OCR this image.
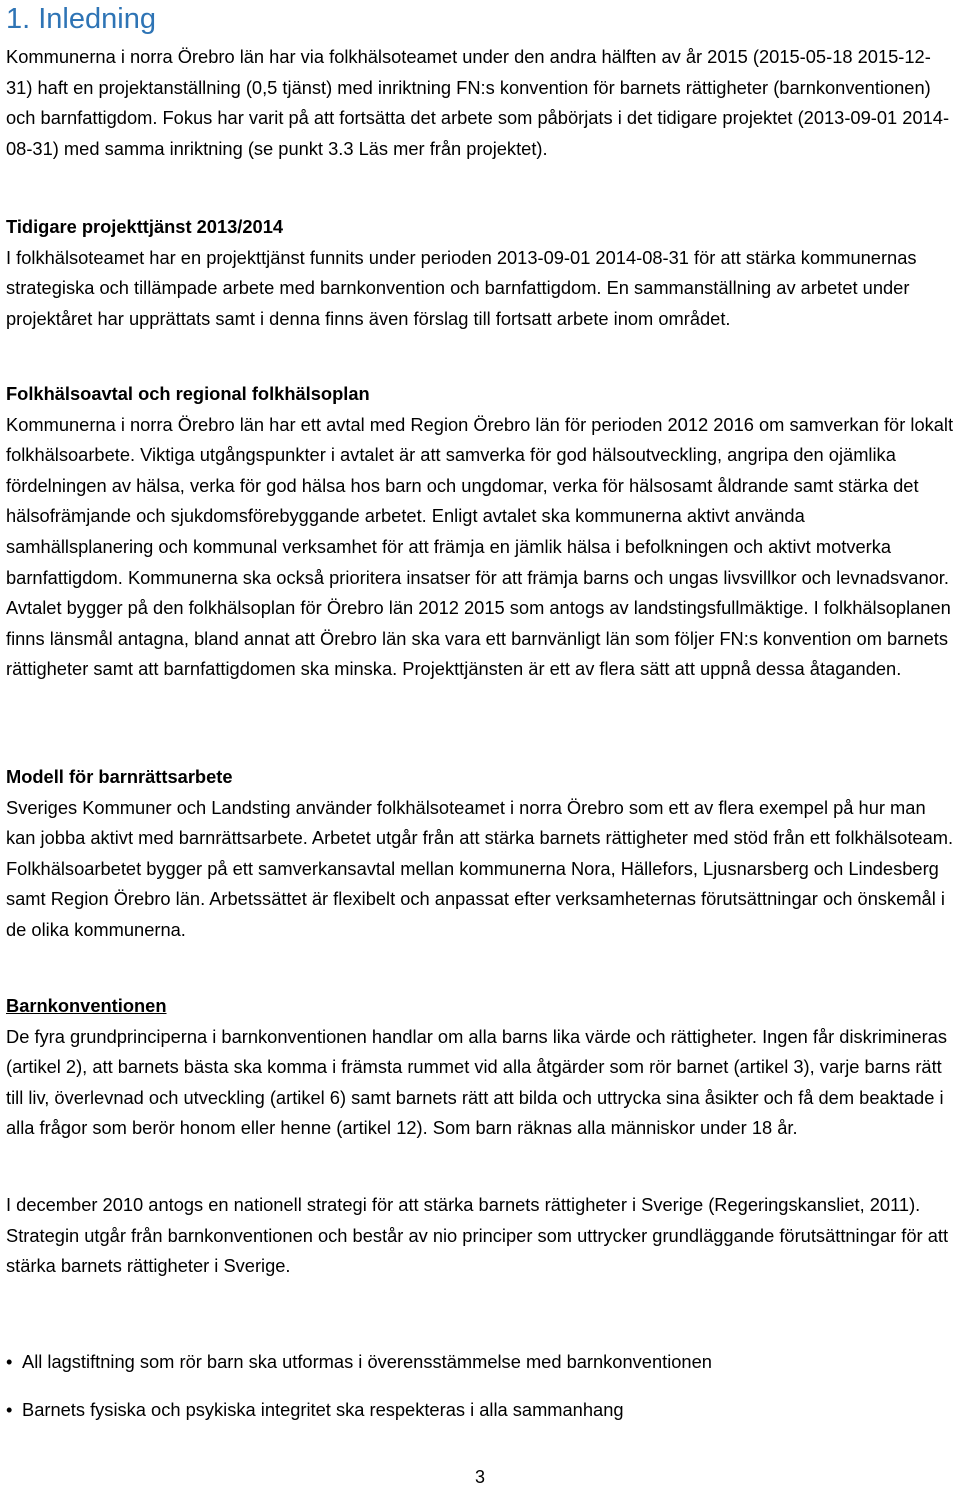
1. Inledning
Kommunerna i norra Örebro län har via folkhälsoteamet under den andra hälften av år 2015 (2015-05-18 2015-12-31) haft en projektanställning (0,5 tjänst) med inriktning FN:s konvention för barnets rättigheter (barnkonventionen) och barnfattigdom. Fokus har varit på att fortsätta det arbete som påbörjats i det tidigare projektet (2013-09-01 2014-08-31) med samma inriktning (se punkt 3.3 Läs mer från projektet).
Tidigare projekttjänst 2013/2014
I folkhälsoteamet har en projekttjänst funnits under perioden 2013-09-01 2014-08-31 för att stärka kommunernas strategiska och tillämpade arbete med barnkonvention och barnfattigdom. En sammanställning av arbetet under projektåret har upprättats samt i denna finns även förslag till fortsatt arbete inom området.
Folkhälsoavtal och regional folkhälsoplan
Kommunerna i norra Örebro län har ett avtal med Region Örebro län för perioden 2012 2016 om samverkan för lokalt folkhälsoarbete. Viktiga utgångspunkter i avtalet är att samverka för god hälsoutveckling, angripa den ojämlika fördelningen av hälsa, verka för god hälsa hos barn och ungdomar, verka för hälsosamt åldrande samt stärka det hälsofrämjande och sjukdomsförebyggande arbetet. Enligt avtalet ska kommunerna aktivt använda samhällsplanering och kommunal verksamhet för att främja en jämlik hälsa i befolkningen och aktivt motverka barnfattigdom. Kommunerna ska också prioritera insatser för att främja barns och ungas livsvillkor och levnadsvanor. Avtalet bygger på den folkhälsoplan för Örebro län 2012 2015 som antogs av landstingsfullmäktige. I folkhälsoplanen finns länsmål antagna, bland annat att Örebro län ska vara ett barnvänligt län som följer FN:s konvention om barnets rättigheter samt att barnfattigdomen ska minska. Projekttjänsten är ett av flera sätt att uppnå dessa åtaganden.
Modell för barnrättsarbete
Sveriges Kommuner och Landsting använder folkhälsoteamet i norra Örebro som ett av flera exempel på hur man kan jobba aktivt med barnrättsarbete. Arbetet utgår från att stärka barnets rättigheter med stöd från ett folkhälsoteam. Folkhälsoarbetet bygger på ett samverkansavtal mellan kommunerna Nora, Hällefors, Ljusnarsberg och Lindesberg samt Region Örebro län. Arbetssättet är flexibelt och anpassat efter verksamheternas förutsättningar och önskemål i de olika kommunerna.
Barnkonventionen
De fyra grundprinciperna i barnkonventionen handlar om alla barns lika värde och rättigheter. Ingen får diskrimineras (artikel 2), att barnets bästa ska komma i främsta rummet vid alla åtgärder som rör barnet (artikel 3), varje barns rätt till liv, överlevnad och utveckling (artikel 6) samt barnets rätt att bilda och uttrycka sina åsikter och få dem beaktade i alla frågor som berör honom eller henne (artikel 12). Som barn räknas alla människor under 18 år.
I december 2010 antogs en nationell strategi för att stärka barnets rättigheter i Sverige (Regeringskansliet, 2011). Strategin utgår från barnkonventionen och består av nio principer som uttrycker grundläggande förutsättningar för att stärka barnets rättigheter i Sverige.
• All lagstiftning som rör barn ska utformas i överensstämmelse med barnkonventionen
• Barnets fysiska och psykiska integritet ska respekteras i alla sammanhang
3
